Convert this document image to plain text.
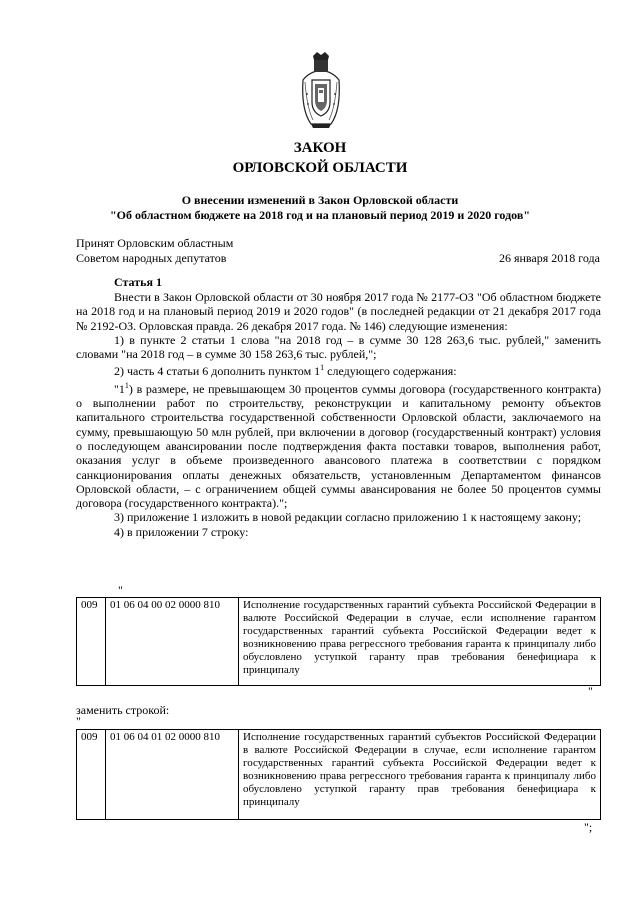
ЗАКОН
ОРЛОВСКОЙ ОБЛАСТИ
О внесении изменений в Закон Орловской области
"Об областном бюджете на 2018 год и на плановый период 2019 и 2020 годов"
Принят Орловским областным
Советом народных депутатов	26 января 2018 года
Статья 1

Внести в Закон Орловской области от 30 ноября 2017 года № 2177-ОЗ "Об областном бюджете на 2018 год и на плановый период 2019 и 2020 годов" (в последней редакции от 21 декабря 2017 года № 2192-ОЗ. Орловская правда. 26 декабря 2017 года. № 146) следующие изменения:

1) в пункте 2 статьи 1 слова "на 2018 год – в сумме 30 128 263,6 тыс. рублей," заменить словами "на 2018 год – в сумме 30 158 263,6 тыс. рублей,";

2) часть 4 статьи 6 дополнить пунктом $1^1$ следующего содержания:

"$1^1$) в размере, не превышающем 30 процентов суммы договора (государственного контракта) о выполнении работ по строительству, реконструкции и капитальному ремонту объектов капитального строительства государственной собственности Орловской области, заключаемого на сумму, превышающую 50 млн рублей, при включении в договор (государственный контракт) условия о последующем авансировании после подтверждения факта поставки товаров, выполнения работ, оказания услуг в объеме произведенного авансового платежа в соответствии с порядком санкционирования оплаты денежных обязательств, установленным Департаментом финансов Орловской области, – с ограничением общей суммы авансирования не более 50 процентов суммы договора (государственного контракта).";

3) приложение 1 изложить в новой редакции согласно приложению 1 к настоящему закону;

4) в приложении 7 строку:

"
009	01 06 04 00 02 0000 810	Исполнение государственных гарантий субъекта Российской Федерации в валюте Российской Федерации в случае, если исполнение гарантом государственных гарантий субъекта Российской Федерации ведет к возникновению права регрессного требования гаранта к принципалу либо обусловлено уступкой гаранту прав требования бенефициара к принципалу
"
заменить строкой:
"
009	01 06 04 01 02 0000 810	Исполнение государственных гарантий субъектов Российской Федерации в валюте Российской Федерации в случае, если исполнение гарантом государственных гарантий субъекта Российской Федерации ведет к возникновению права регрессного требования гаранта к принципалу либо обусловлено уступкой гаранту прав требования бенефициара к принципалу
";
